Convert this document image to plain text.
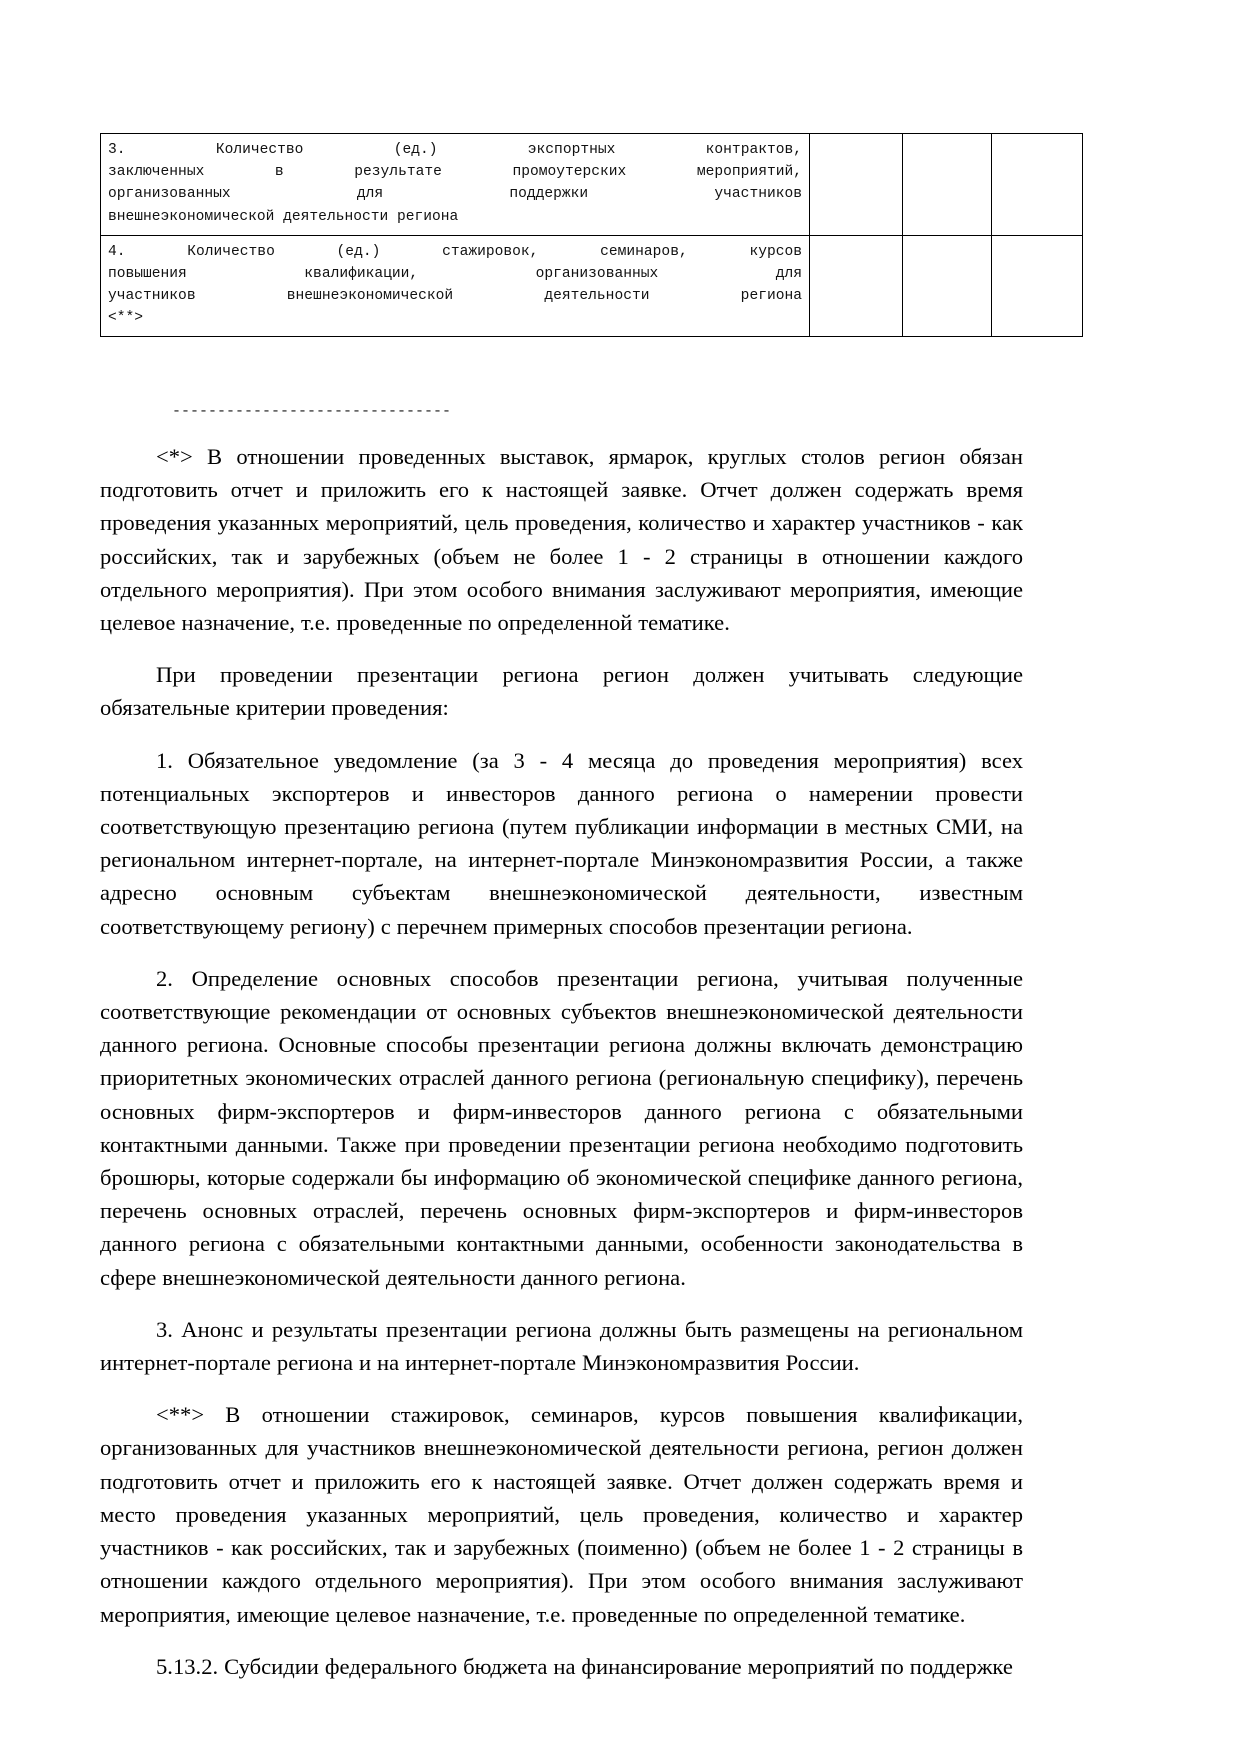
3. Количество (ед.) экспортных контрактов,
заключенных в результате промоутерских мероприятий,
организованных для поддержки участников
внешнеэкономической деятельности региона			

4. Количество (ед.) стажировок, семинаров, курсов
повышения квалификации, организованных для
участников внешнеэкономической деятельности региона
<**>			

-------------------------------

<*> В отношении проведенных выставок, ярмарок, круглых столов регион обязан подготовить отчет и приложить его к настоящей заявке. Отчет должен содержать время проведения указанных мероприятий, цель проведения, количество и характер участников - как российских, так и зарубежных (объем не более 1 - 2 страницы в отношении каждого отдельного мероприятия). При этом особого внимания заслуживают мероприятия, имеющие целевое назначение, т.е. проведенные по определенной тематике.

При проведении презентации региона регион должен учитывать следующие обязательные критерии проведения:

1. Обязательное уведомление (за 3 - 4 месяца до проведения мероприятия) всех потенциальных экспортеров и инвесторов данного региона о намерении провести соответствующую презентацию региона (путем публикации информации в местных СМИ, на региональном интернет-портале, на интернет-портале Минэкономразвития России, а также адресно основным субъектам внешнеэкономической деятельности, известным соответствующему региону) с перечнем примерных способов презентации региона.

2. Определение основных способов презентации региона, учитывая полученные соответствующие рекомендации от основных субъектов внешнеэкономической деятельности данного региона. Основные способы презентации региона должны включать демонстрацию приоритетных экономических отраслей данного региона (региональную специфику), перечень основных фирм-экспортеров и фирм-инвесторов данного региона с обязательными контактными данными. Также при проведении презентации региона необходимо подготовить брошюры, которые содержали бы информацию об экономической специфике данного региона, перечень основных отраслей, перечень основных фирм-экспортеров и фирм-инвесторов данного региона с обязательными контактными данными, особенности законодательства в сфере внешнеэкономической деятельности данного региона.

3. Анонс и результаты презентации региона должны быть размещены на региональном интернет-портале региона и на интернет-портале Минэкономразвития России.

<**> В отношении стажировок, семинаров, курсов повышения квалификации, организованных для участников внешнеэкономической деятельности региона, регион должен подготовить отчет и приложить его к настоящей заявке. Отчет должен содержать время и место проведения указанных мероприятий, цель проведения, количество и характер участников - как российских, так и зарубежных (поименно) (объем не более 1 - 2 страницы в отношении каждого отдельного мероприятия). При этом особого внимания заслуживают мероприятия, имеющие целевое назначение, т.е. проведенные по определенной тематике.

5.13.2. Субсидии федерального бюджета на финансирование мероприятий по поддержке
